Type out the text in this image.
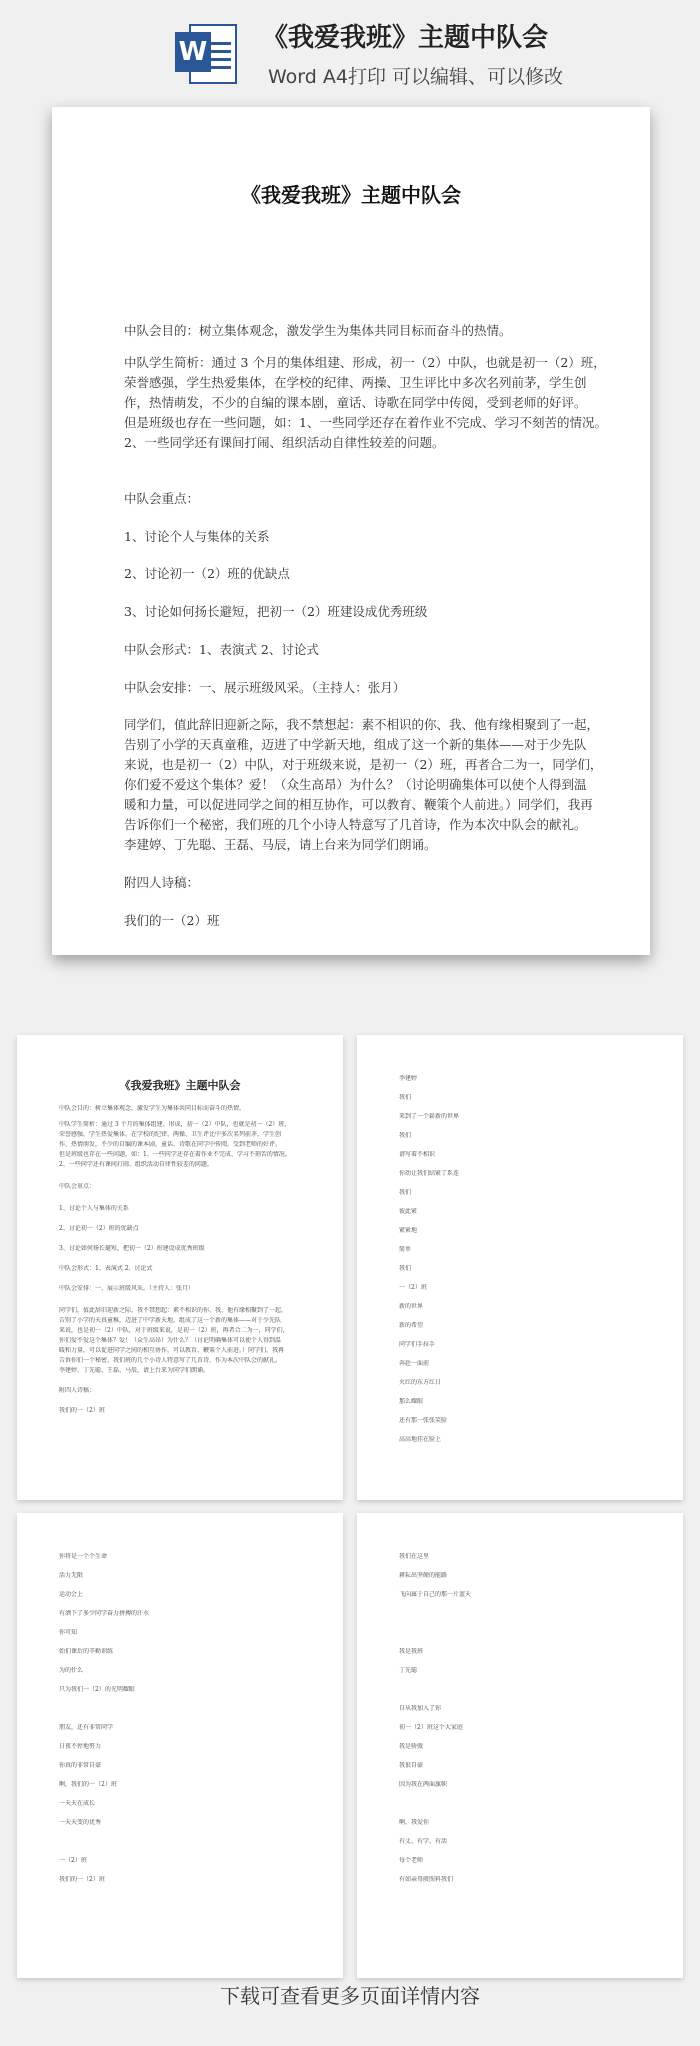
W 《我爱我班》主题中队会
Word A4打印 可以编辑、可以修改
《我爱我班》主题中队会
中队会目的：树立集体观念，激发学生为集体共同目标而奋斗的热情。
中队学生简析：通过 3 个月的集体组建、形成，初一（2）中队，也就是初一（2）班，
荣誉感强，学生热爱集体，在学校的纪律、两操、卫生评比中多次名列前茅，学生创
作，热情萌发，不少的自编的课本剧，童话、诗歌在同学中传阅，受到老师的好评。
但是班级也存在一些问题，如：1、一些同学还存在着作业不完成、学习不刻苦的情况。
2、一些同学还有课间打闹、组织活动自律性较差的问题。
中队会重点：
1、讨论个人与集体的关系
2、讨论初一（2）班的优缺点
3、讨论如何扬长避短，把初一（2）班建设成优秀班级
中队会形式：1、表演式 2、讨论式
中队会安排：一、展示班级风采。（主持人：张月）
同学们，值此辞旧迎新之际，我不禁想起：素不相识的你、我、他有缘相聚到了一起，
告别了小学的天真童稚，迈进了中学新天地，组成了这一个新的集体——对于少先队
来说，也是初一（2）中队，对于班级来说，是初一（2）班，再者合二为一，同学们，
你们爱不爱这个集体？爱！（众生高昂）为什么？（讨论明确集体可以使个人得到温
暖和力量，可以促进同学之间的相互协作，可以教育、鞭策个人前进。）同学们，我再
告诉你们一个秘密，我们班的几个小诗人特意写了几首诗，作为本次中队会的献礼。
李建婷、丁先聪、王磊、马辰，请上台来为同学们朗诵。
附四人诗稿：
我们的一（2）班
《我爱我班》主题中队会
中队会目的：树立集体观念，激发学生为集体共同目标而奋斗的热情。
中队学生简析：通过 3 个月的集体组建、形成，初一（2）中队，也就是初一（2）班，
荣誉感强，学生热爱集体，在学校的纪律、两操、卫生评比中多次名列前茅，学生创
作，热情萌发，不少的自编的课本剧，童话、诗歌在同学中传阅，受到老师的好评。
但是班级也存在一些问题，如：1、一些同学还存在着作业不完成、学习不刻苦的情况。
2、一些同学还有课间打闹、组织活动自律性较差的问题。
中队会重点：
1、讨论个人与集体的关系
2、讨论初一（2）班的优缺点
3、讨论如何扬长避短，把初一（2）班建设成优秀班级
中队会形式：1、表演式 2、讨论式
中队会安排：一、展示班级风采。（主持人：张月）
同学们，值此辞旧迎新之际，我不禁想起：素不相识的你、我、他有缘相聚到了一起，
告别了小学的天真童稚，迈进了中学新天地，组成了这一个新的集体——对于少先队
来说，也是初一（2）中队，对于班级来说，是初一（2）班，再者合二为一，同学们，
你们爱不爱这个集体？爱！（众生高昂）为什么？（讨论明确集体可以使个人得到温
暖和力量，可以促进同学之间的相互协作，可以教育、鞭策个人前进。）同学们，我再
告诉你们一个秘密，我们班的几个小诗人特意写了几首诗，作为本次中队会的献礼。
李建婷、丁先聪、王磊、马辰，请上台来为同学们朗诵。
附四人诗稿：
我们的一（2）班
李建婷
我们
来到了一个崭新的世界
我们
谱写着不相识
你幼让我们结紧了系连
我们
彼此紧
紧紧地
简单
我们
一（2）班
新的世界
新的希望
同学们手拉手
奔赴一面前
火红的东方红日
那么耀眼
还有那一张张笑脸
高高地挂在脸上
你将是一个个生命
活力无限
运动会上
有洒下了多少同学奋力拼搏的汗水
你可知
始们课后的辛勤训练
为的什么
只为我们一（2）的光明耀眼
朋友，还有非常同学
日夜不停地努力
你真的非常自豪
啊，我们的一（2）班
一天天在成长
一天天变的优秀
一（2）班
我们的一（2）班
我们在这里
耕耘出坚硬的能路
飞向属于自己的那一片蓝天
我是我班
丁先聪
自从我加入了你
初一（2）班这个大家庭
我是骄傲
我很自豪
因为我在两面旗帜
啊，我爱你
有丈、有学、有活
每个老师
有如亲母般照料我们
下载可查看更多页面详情内容
